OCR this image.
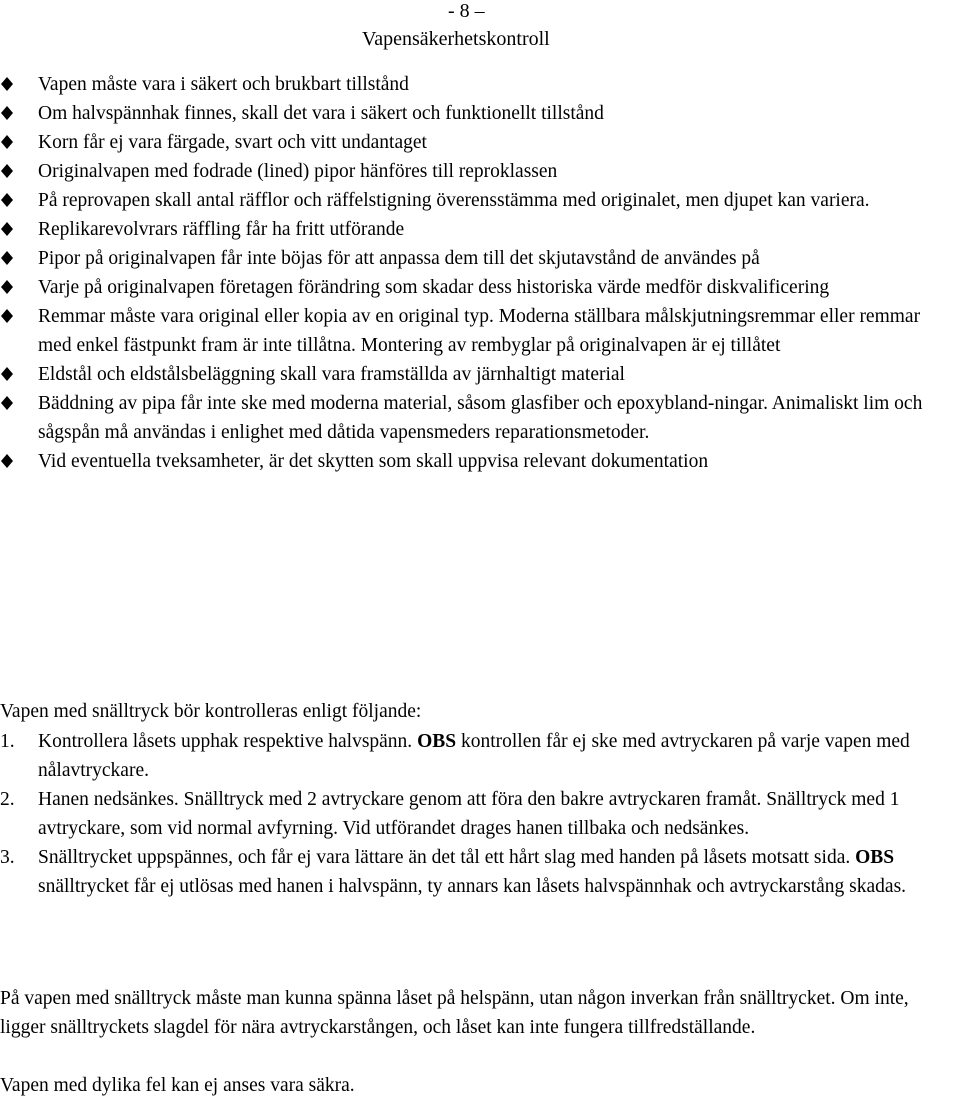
- 8 –
Vapensäkerhetskontroll
Vapen måste vara i säkert och brukbart tillstånd
Om halvspännhak finnes, skall det vara i säkert och funktionellt tillstånd
Korn får ej vara färgade, svart och vitt undantaget
Originalvapen med fodrade (lined) pipor hänföres till reproklassen
På reprovapen skall antal räfflor och räffelstigning överensstämma med originalet, men djupet kan variera.
Replikarevolvrars räffling får ha fritt utförande
Pipor på originalvapen får inte böjas för att anpassa dem till det skjutavstånd de användes på
Varje på originalvapen företagen förändring som skadar dess historiska värde medför diskvalificering
Remmar måste vara original eller kopia av en original typ. Moderna ställbara målskjutningsremmar eller remmar med enkel fästpunkt fram är inte tillåtna. Montering av rembyglar på originalvapen är ej tillåtet
Eldstål och eldstålsbeläggning skall vara framställda av järnhaltigt material
Bäddning av pipa får inte ske med moderna material, såsom glasfiber och epoxybland-ningar. Animaliskt lim och sågspån må användas i enlighet med dåtida vapensmeders reparationsmetoder.
Vid eventuella tveksamheter, är det skytten som skall uppvisa relevant dokumentation

Vapen med snälltryck bör kontrolleras enligt följande:

1. Kontrollera låsets upphak respektive halvspänn. OBS kontrollen får ej ske med avtryckaren på varje vapen med nålavtryckare.
2. Hanen nedsänkes. Snälltryck med 2 avtryckare genom att föra den bakre avtryckaren framåt. Snälltryck med 1 avtryckare, som vid normal avfyrning. Vid utförandet drages hanen tillbaka och nedsänkes.
3. Snälltrycket uppspännes, och får ej vara lättare än det tål ett hårt slag med handen på låsets motsatt sida. OBS snälltrycket får ej utlösas med hanen i halvspänn, ty annars kan låsets halvspännhak och avtryckarstång skadas.

På vapen med snälltryck måste man kunna spänna låset på helspänn, utan någon inverkan från snälltrycket. Om inte, ligger snälltryckets slagdel för nära avtryckarstången, och låset kan inte fungera tillfredställande.

Vapen med dylika fel kan ej anses vara säkra.
